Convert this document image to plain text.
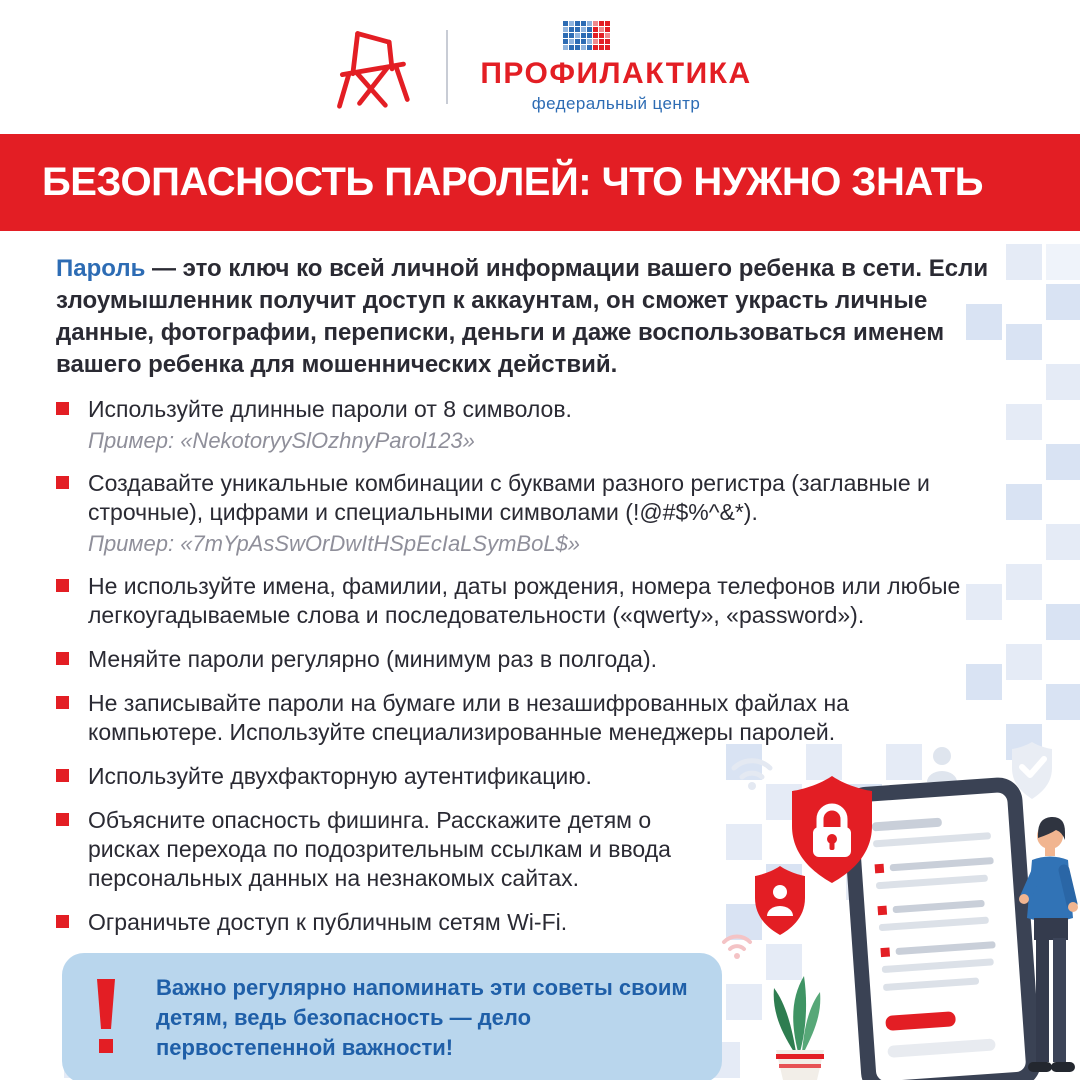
ПРОФИЛАКТИКА
федеральный центр
БЕЗОПАСНОСТЬ ПАРОЛЕЙ: ЧТО НУЖНО ЗНАТЬ

Пароль — это ключ ко всей личной информации вашего ребенка в сети. Если злоумышленник получит доступ к аккаунтам, он сможет украсть личные данные, фотографии, переписки, деньги и даже воспользоваться именем вашего ребенка для мошеннических действий.

Используйте длинные пароли от 8 символов.
Пример: «NekotoryySlOzhnyParol123»
Создавайте уникальные комбинации с буквами разного регистра (заглавные и строчные), цифрами и специальными символами (!@#$%^&*).
Пример: «7mYpAsSwOrDwItHSpEcIaLSymBoL$»
Не используйте имена, фамилии, даты рождения, номера телефонов или любые легкоугадываемые слова и последовательности («qwerty», «password»).
Меняйте пароли регулярно (минимум раз в полгода).
Не записывайте пароли на бумаге или в незашифрованных файлах на компьютере. Используйте специализированные менеджеры паролей.
Используйте двухфакторную аутентификацию.
Объясните опасность фишинга. Расскажите детям о рисках перехода по подозрительным ссылкам и ввода персональных данных на незнакомых сайтах.
Ограничьте доступ к публичным сетям Wi-Fi.

Важно регулярно напоминать эти советы своим детям, ведь безопасность — дело первостепенной важности!
